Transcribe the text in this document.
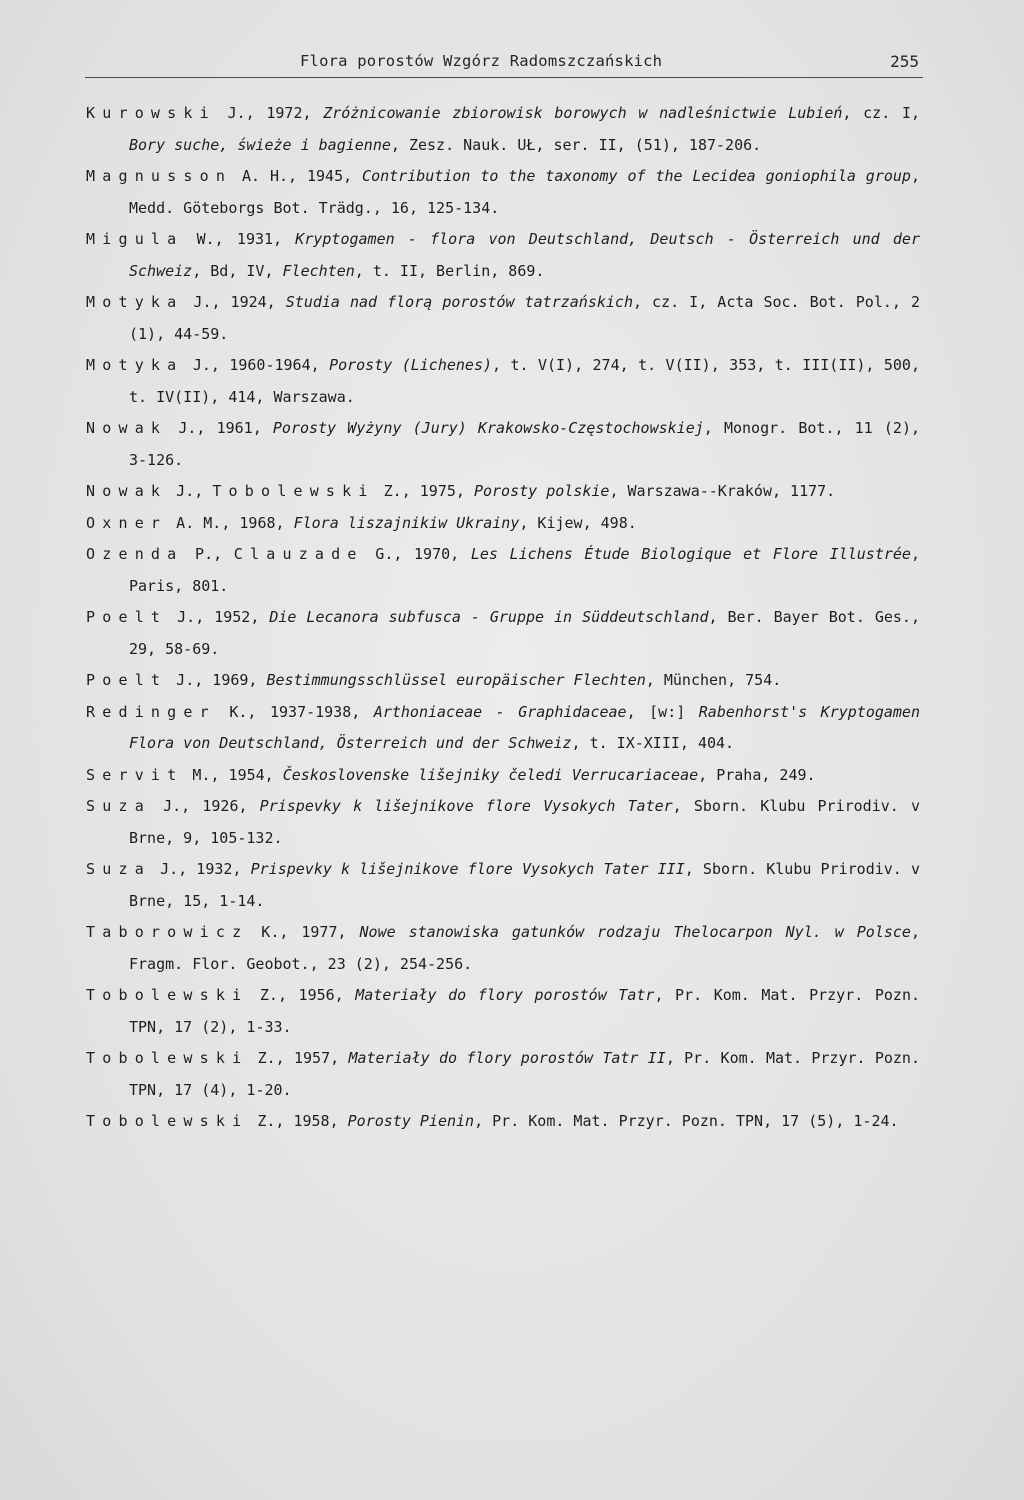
Flora porostów Wzgórz Radomszczańskich	255

Kurowski J., 1972, Zróżnicowanie zbiorowisk borowych w nadleśnictwie Lubień, cz. I, Bory suche, świeże i bagienne, Zesz. Nauk. UŁ, ser. II, (51), 187-206.

Magnusson A. H., 1945, Contribution to the taxonomy of the Lecidea goniophila group, Medd. Göteborgs Bot. Trädg., 16, 125-134.

Migula W., 1931, Kryptogamen - flora von Deutschland, Deutsch - Österreich und der Schweiz, Bd, IV, Flechten, t. II, Berlin, 869.

Motyka J., 1924, Studia nad florą porostów tatrzańskich, cz. I, Acta Soc. Bot. Pol., 2 (1), 44-59.

Motyka J., 1960-1964, Porosty (Lichenes), t. V(I), 274, t. V(II), 353, t. III(II), 500, t. IV(II), 414, Warszawa.

Nowak J., 1961, Porosty Wyżyny (Jury) Krakowsko-Częstochowskiej, Monogr. Bot., 11 (2), 3-126.

Nowak J., Tobolewski Z., 1975, Porosty polskie, Warszawa--Kraków, 1177.

Oxner A. M., 1968, Flora liszajnikiw Ukrainy, Kijew, 498.

Ozenda P., Clauzade G., 1970, Les Lichens Étude Biologique et Flore Illustrée, Paris, 801.

Poelt J., 1952, Die Lecanora subfusca - Gruppe in Süddeutschland, Ber. Bayer Bot. Ges., 29, 58-69.

Poelt J., 1969, Bestimmungsschlüssel europäischer Flechten, München, 754.

Redinger K., 1937-1938, Arthoniaceae - Graphidaceae, [w:] Rabenhorst's Kryptogamen Flora von Deutschland, Österreich und der Schweiz, t. IX-XIII, 404.

Servit M., 1954, Československe lišejniky čeledi Verrucariaceae, Praha, 249.

Suza J., 1926, Prispevky k lišejnikove flore Vysokych Tater, Sborn. Klubu Prirodiv. v Brne, 9, 105-132.

Suza J., 1932, Prispevky k lišejnikove flore Vysokych Tater III, Sborn. Klubu Prirodiv. v Brne, 15, 1-14.

Taborowicz K., 1977, Nowe stanowiska gatunków rodzaju Thelocarpon Nyl. w Polsce, Fragm. Flor. Geobot., 23 (2), 254-256.

Tobolewski Z., 1956, Materiały do flory porostów Tatr, Pr. Kom. Mat. Przyr. Pozn. TPN, 17 (2), 1-33.

Tobolewski Z., 1957, Materiały do flory porostów Tatr II, Pr. Kom. Mat. Przyr. Pozn. TPN, 17 (4), 1-20.

Tobolewski Z., 1958, Porosty Pienin, Pr. Kom. Mat. Przyr. Pozn. TPN, 17 (5), 1-24.
